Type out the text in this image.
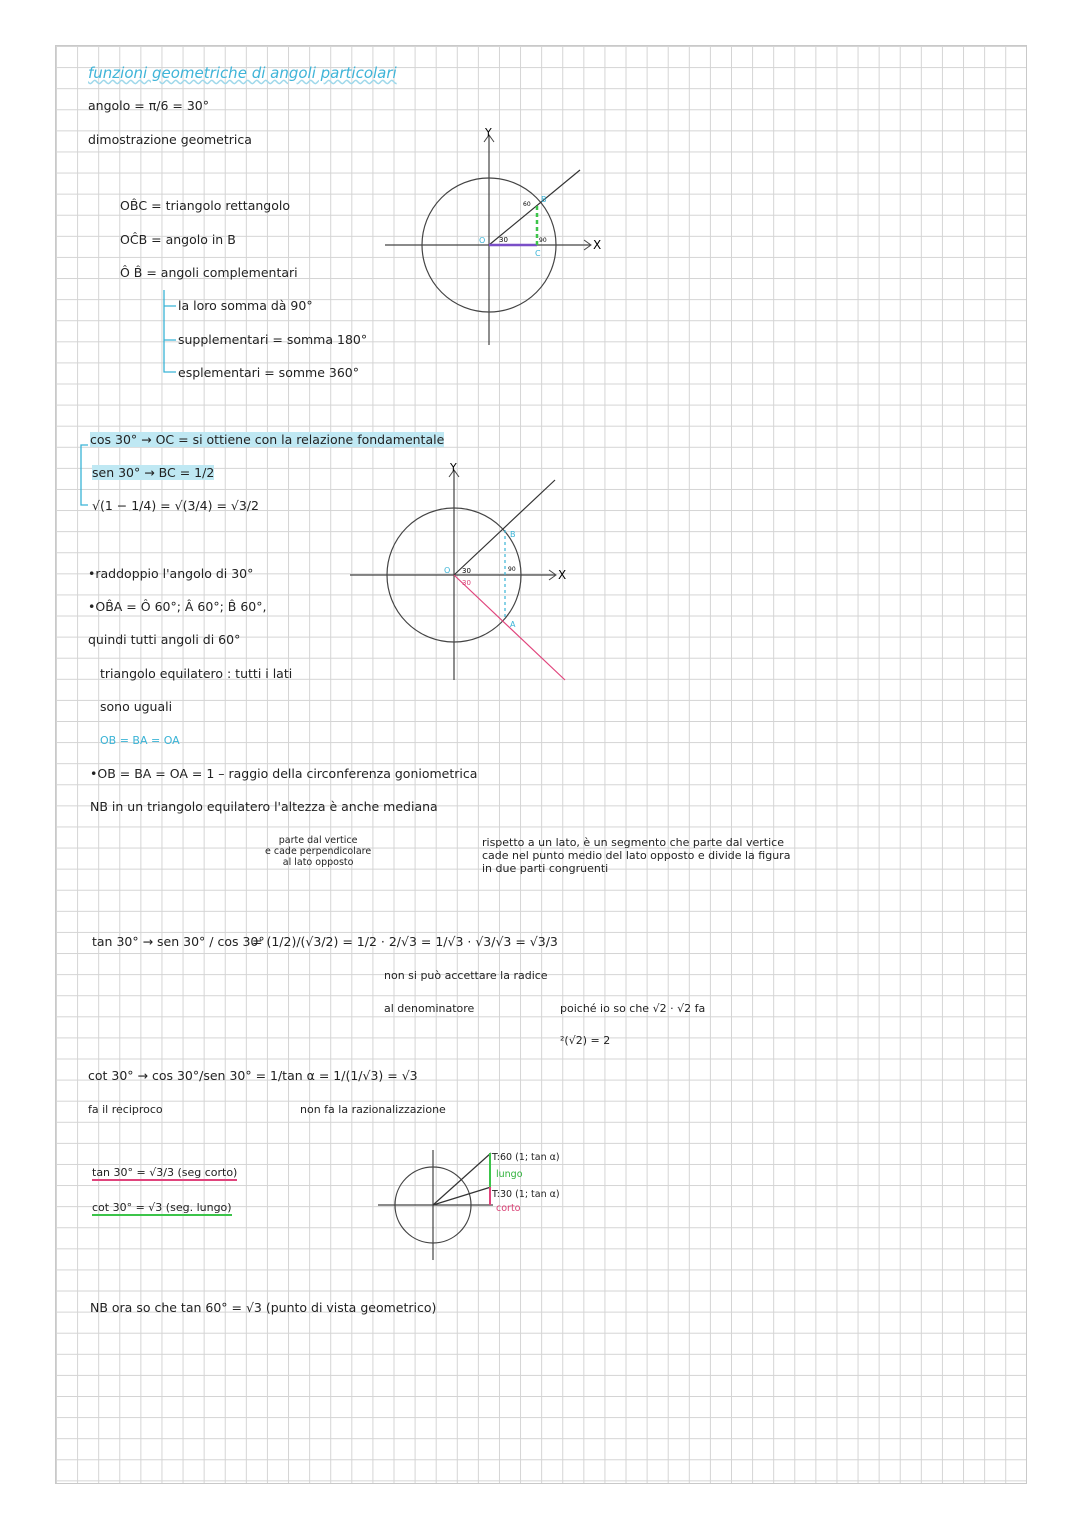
funzioni geometriche di angoli particolari
angolo = π/6 = 30°
dimostrazione geometrica
OB̂C = triangolo rettangolo
OĈB = angolo in B
Ô B̂ = angoli complementari
la loro somma dà 90°
supplementari = somma 180°
esplementari = somme 360°
X
Y
O
B
C
30
60
90
cos 30° → OC = si ottiene con la relazione fondamentale
sen 30° → BC = 1/2
√(1 − 1/4) = √(3/4) = √3/2
X
Y
O
B
A
30
30
90
•raddoppio l'angolo di 30°
•OB̂A = Ô 60°; Â 60°; B̂ 60°,
quindi tutti angoli di 60°
triangolo equilatero : tutti i lati
sono uguali
OB = BA = OA
•OB = BA = OA = 1 – raggio della circonferenza goniometrica
NB in un triangolo equilatero l'altezza è anche mediana
parte dal vertice
e cade perpendicolare
al lato opposto
rispetto a un lato, è un segmento che parte dal vertice
cade nel punto medio del lato opposto e divide la figura
in due parti congruenti
tan 30° → sen 30° / cos 30°
= (1/2)/(√3/2) = 1/2 · 2/√3 = 1/√3 · √3/√3 = √3/3
non si può accettare la radice
al denominatore	poiché io so che √2 · √2 fa
²(√2) = 2
cot 30° → cos 30°/sen 30° = 1/tan α = 1/(1/√3) = √3
fa il reciproco	non fa la razionalizzazione
tan 30° = √3/3 (seg corto)
cot 30° = √3 (seg. lungo)
T:60 (1; tan α)
lungo
T:30 (1; tan α)
corto
NB ora so che tan 60° = √3 (punto di vista geometrico)
